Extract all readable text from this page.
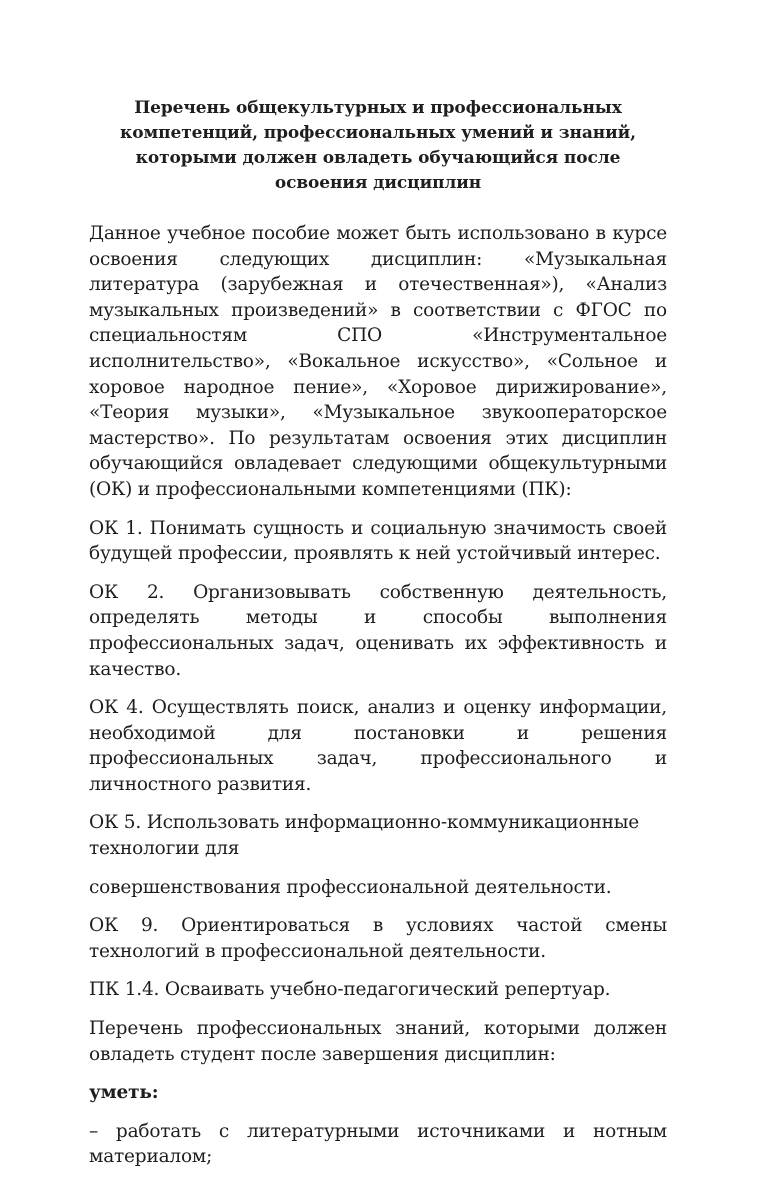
Перечень общекультурных и профессиональных
компетенций, профессиональных умений и знаний,
которыми должен овладеть обучающийся после
освоения дисциплин

Данное учебное пособие может быть использовано в курсе освоения следующих дисциплин: «Музыкальная литература (зарубежная и отечественная»), «Анализ музыкальных произведений» в соответствии с ФГОС по специальностям СПО «Инструментальное исполнительство», «Вокальное искусство», «Сольное и хоровое народное пение», «Хоровое дирижирование», «Теория музыки», «Музыкальное звукооператорское мастерство». По результатам освоения этих дисциплин обучающийся овладевает следующими общекультурными (ОК) и профессиональными компетенциями (ПК):

ОК 1. Понимать сущность и социальную значимость своей будущей профессии, проявлять к ней устойчивый интерес.

ОК 2. Организовывать собственную деятельность, определять методы и способы выполнения профессиональных задач, оценивать их эффективность и качество.

ОК 4. Осуществлять поиск, анализ и оценку информации, необходимой для постановки и решения профессиональных задач, профессионального и личностного развития.

ОК 5. Использовать информационно-коммуникационные технологии для

совершенствования профессиональной деятельности.

ОК 9. Ориентироваться в условиях частой смены технологий в профессиональной деятельности.

ПК 1.4. Осваивать учебно-педагогический репертуар.

Перечень профессиональных знаний, которыми должен овладеть студент после завершения дисциплин:

уметь:

– работать с литературными источниками и нотным материалом;
